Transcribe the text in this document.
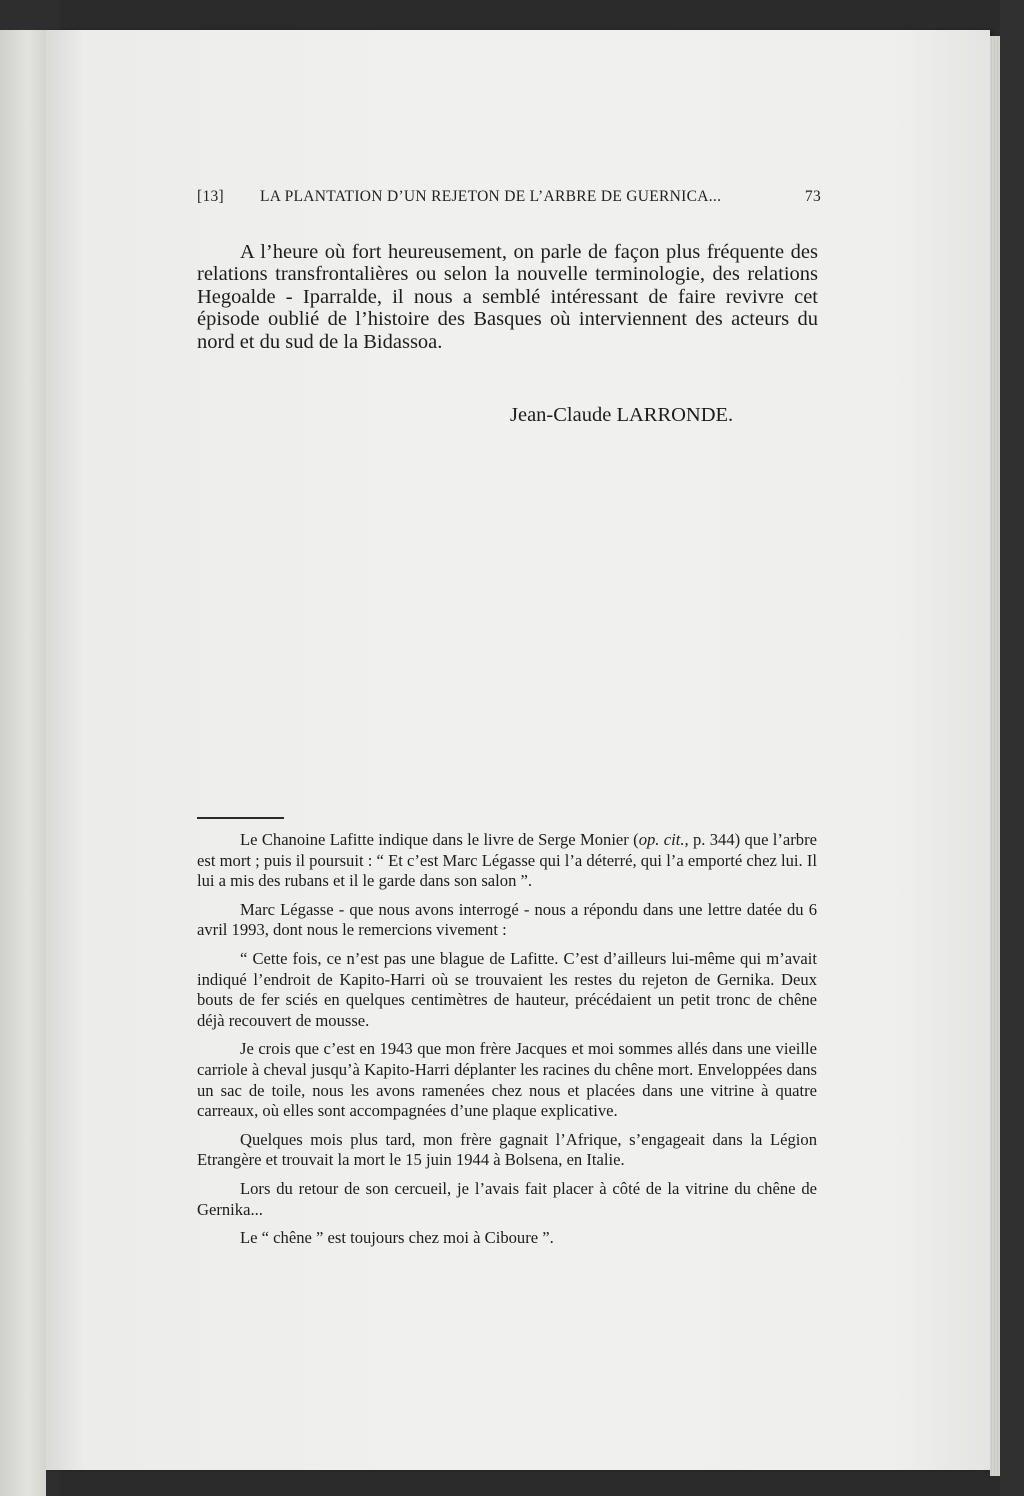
[13] LA PLANTATION D’UN REJETON DE L’ARBRE DE GUERNICA...	73

A l’heure où fort heureusement, on parle de façon plus fréquente des relations transfrontalières ou selon la nouvelle terminologie, des relations Hegoalde - Iparralde, il nous a semblé intéressant de faire revivre cet épisode oublié de l’histoire des Basques où interviennent des acteurs du nord et du sud de la Bidassoa.

Jean-Claude LARRONDE.

Le Chanoine Lafitte indique dans le livre de Serge Monier (op. cit., p. 344) que l’arbre est mort ; puis il poursuit : “ Et c’est Marc Légasse qui l’a déterré, qui l’a emporté chez lui. Il lui a mis des rubans et il le garde dans son salon ”.

Marc Légasse - que nous avons interrogé - nous a répondu dans une lettre datée du 6 avril 1993, dont nous le remercions vivement :

“ Cette fois, ce n’est pas une blague de Lafitte. C’est d’ailleurs lui-même qui m’avait indiqué l’endroit de Kapito-Harri où se trouvaient les restes du rejeton de Gernika. Deux bouts de fer sciés en quelques centimètres de hauteur, précédaient un petit tronc de chêne déjà recouvert de mousse.

Je crois que c’est en 1943 que mon frère Jacques et moi sommes allés dans une vieille carriole à cheval jusqu’à Kapito-Harri déplanter les racines du chêne mort. Enveloppées dans un sac de toile, nous les avons ramenées chez nous et placées dans une vitrine à quatre carreaux, où elles sont accompagnées d’une plaque explicative.

Quelques mois plus tard, mon frère gagnait l’Afrique, s’engageait dans la Légion Etrangère et trouvait la mort le 15 juin 1944 à Bolsena, en Italie.

Lors du retour de son cercueil, je l’avais fait placer à côté de la vitrine du chêne de Gernika...

Le “ chêne ” est toujours chez moi à Ciboure ”.
